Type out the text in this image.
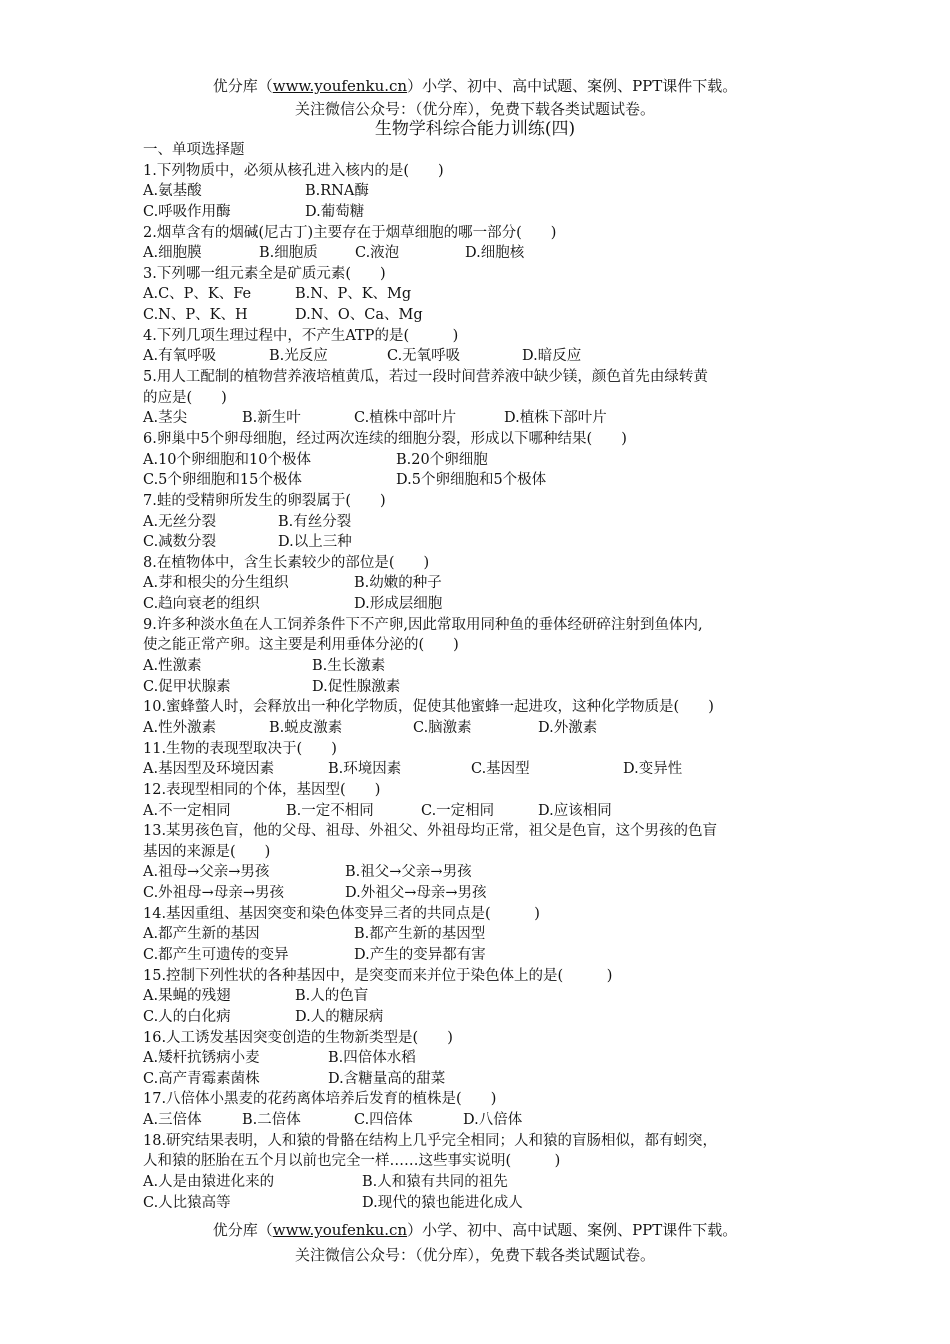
优分库（www.youfenku.cn）小学、初中、高中试题、案例、PPT课件下载。
关注微信公众号：（优分库），免费下载各类试题试卷。
生物学科综合能力训练(四)
一、单项选择题
1.下列物质中，必须从核孔进入核内的是(　　)
A.氨基酸	B.RNA酶
C.呼吸作用酶	D.葡萄糖
2.烟草含有的烟碱(尼古丁)主要存在于烟草细胞的哪一部分(　　)
A.细胞膜	B.细胞质	C.液泡	D.细胞核
3.下列哪一组元素全是矿质元素(　　)
A.C、P、K、Fe	B.N、P、K、Mg
C.N、P、K、H	D.N、O、Ca、Mg
4.下列几项生理过程中，不产生ATP的是(　　　)
A.有氧呼吸	B.光反应	C.无氧呼吸	D.暗反应
5.用人工配制的植物营养液培植黄瓜，若过一段时间营养液中缺少镁，颜色首先由绿转黄
的应是(　　)
A.茎尖	B.新生叶	C.植株中部叶片	D.植株下部叶片
6.卵巢中5个卵母细胞，经过两次连续的细胞分裂，形成以下哪种结果(　　)
A.10个卵细胞和10个极体	B.20个卵细胞
C.5个卵细胞和15个极体	D.5个卵细胞和5个极体
7.蛙的受精卵所发生的卵裂属于(　　)
A.无丝分裂	B.有丝分裂
C.减数分裂	D.以上三种
8.在植物体中，含生长素较少的部位是(　　)
A.芽和根尖的分生组织	B.幼嫩的种子
C.趋向衰老的组织	D.形成层细胞
9.许多种淡水鱼在人工饲养条件下不产卵,因此常取用同种鱼的垂体经研碎注射到鱼体内,
使之能正常产卵。这主要是利用垂体分泌的(　　)
A.性激素	B.生长激素
C.促甲状腺素	D.促性腺激素
10.蜜蜂螫人时，会释放出一种化学物质，促使其他蜜蜂一起进攻，这种化学物质是(　　)
A.性外激素	B.蜕皮激素	C.脑激素	D.外激素
11.生物的表现型取决于(　　)
A.基因型及环境因素	B.环境因素	C.基因型	D.变异性
12.表现型相同的个体，基因型(　　)
A.不一定相同	B.一定不相同	C.一定相同	D.应该相同
13.某男孩色盲，他的父母、祖母、外祖父、外祖母均正常，祖父是色盲，这个男孩的色盲
基因的来源是(　　)
A.祖母→父亲→男孩	B.祖父→父亲→男孩
C.外祖母→母亲→男孩	D.外祖父→母亲→男孩
14.基因重组、基因突变和染色体变异三者的共同点是(　　　)
A.都产生新的基因	B.都产生新的基因型
C.都产生可遗传的变异	D.产生的变异都有害
15.控制下列性状的各种基因中，是突变而来并位于染色体上的是(　　　)
A.果蝇的残翅	B.人的色盲
C.人的白化病	D.人的糖尿病
16.人工诱发基因突变创造的生物新类型是(　　)
A.矮杆抗锈病小麦	B.四倍体水稻
C.高产青霉素菌株	D.含糖量高的甜菜
17.八倍体小黑麦的花药离体培养后发育的植株是(　　)
A.三倍体	B.二倍体	C.四倍体	D.八倍体
18.研究结果表明，人和猿的骨骼在结构上几乎完全相同；人和猿的盲肠相似，都有蚓突，
人和猿的胚胎在五个月以前也完全一样……这些事实说明(　　　)
A.人是由猿进化来的	B.人和猿有共同的祖先
C.人比猿高等	D.现代的猿也能进化成人
优分库（www.youfenku.cn）小学、初中、高中试题、案例、PPT课件下载。
关注微信公众号：（优分库），免费下载各类试题试卷。
